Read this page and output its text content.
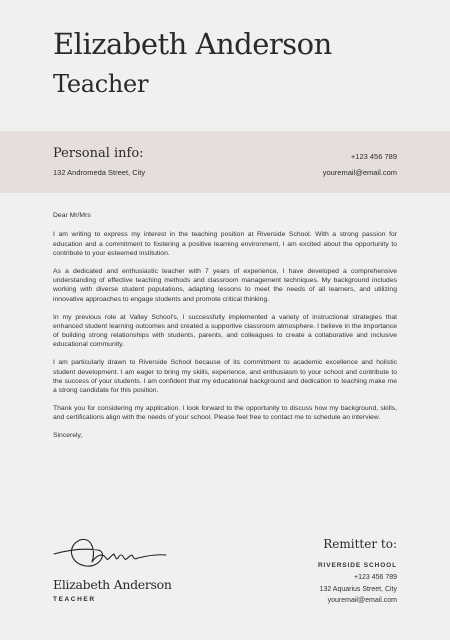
Elizabeth Anderson
Teacher
Personal info:
132 Andromeda Street, City
+123 456 789
youremail@email.com

Dear Mr/Mrs

I am writing to express my interest in the teaching position at Riverside School. With a strong passion for education and a commitment to fostering a positive learning environment, I am excited about the opportunity to contribute to your esteemed institution.

As a dedicated and enthusiastic teacher with 7 years of experience, I have developed a comprehensive understanding of effective teaching methods and classroom management techniques. My background includes working with diverse student populations, adapting lessons to meet the needs of all learners, and utilizing innovative approaches to engage students and promote critical thinking.

In my previous role at Valley School's, I successfully implemented a variety of instructional strategies that enhanced student learning outcomes and created a supportive classroom atmosphere. I believe in the importance of building strong relationships with students, parents, and colleagues to create a collaborative and inclusive educational community.

I am particularly drawn to Riverside School because of its commitment to academic excellence and holistic student development. I am eager to bring my skills, experience, and enthusiasm to your school and contribute to the success of your students. I am confident that my educational background and dedication to teaching make me a strong candidate for this position.

Thank you for considering my application. I look forward to the opportunity to discuss how my background, skills, and certifications align with the needs of your school. Please feel free to contact me to schedule an interview.

Sincerely,

Elizabeth Anderson
TEACHER
Remitter to:
RIVERSIDE SCHOOL
+123 456 789
132 Aquarius Street, City
youremail@email.com
